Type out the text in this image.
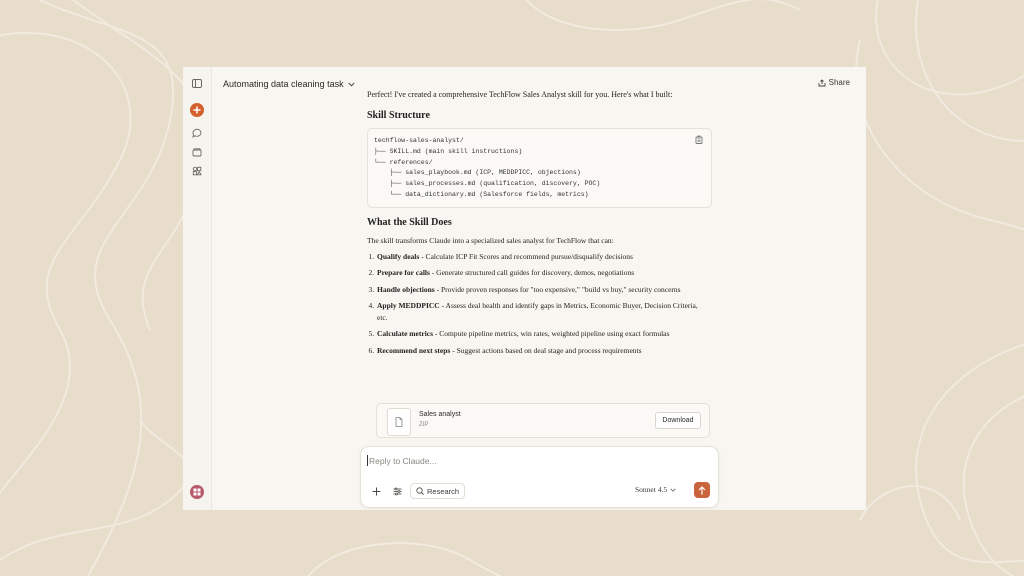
Automating data cleaning task	Share

Perfect! I've created a comprehensive TechFlow Sales Analyst skill for you. Here's what I built:

Skill Structure
techflow-sales-analyst/
├── SKILL.md (main skill instructions)
└── references/
├── sales_playbook.md (ICP, MEDDPICC, objections)
├── sales_processes.md (qualification, discovery, POC)
└── data_dictionary.md (Salesforce fields, metrics)
What the Skill Does

The skill transforms Claude into a specialized sales analyst for TechFlow that can:

1. Qualify deals - Calculate ICP Fit Scores and recommend pursue/disqualify decisions
2. Prepare for calls - Generate structured call guides for discovery, demos, negotiations
3. Handle objections - Provide proven responses for "too expensive," "build vs buy," security concerns
4. Apply MEDDPICC - Assess deal health and identify gaps in Metrics, Economic Buyer, Decision Criteria, etc.
5. Calculate metrics - Compute pipeline metrics, win rates, weighted pipeline using exact formulas
6. Recommend next steps - Suggest actions based on deal stage and process requirements
Sales analyst
ZIP
Download
Reply to Claude...
Research	Sonnet 4.5
